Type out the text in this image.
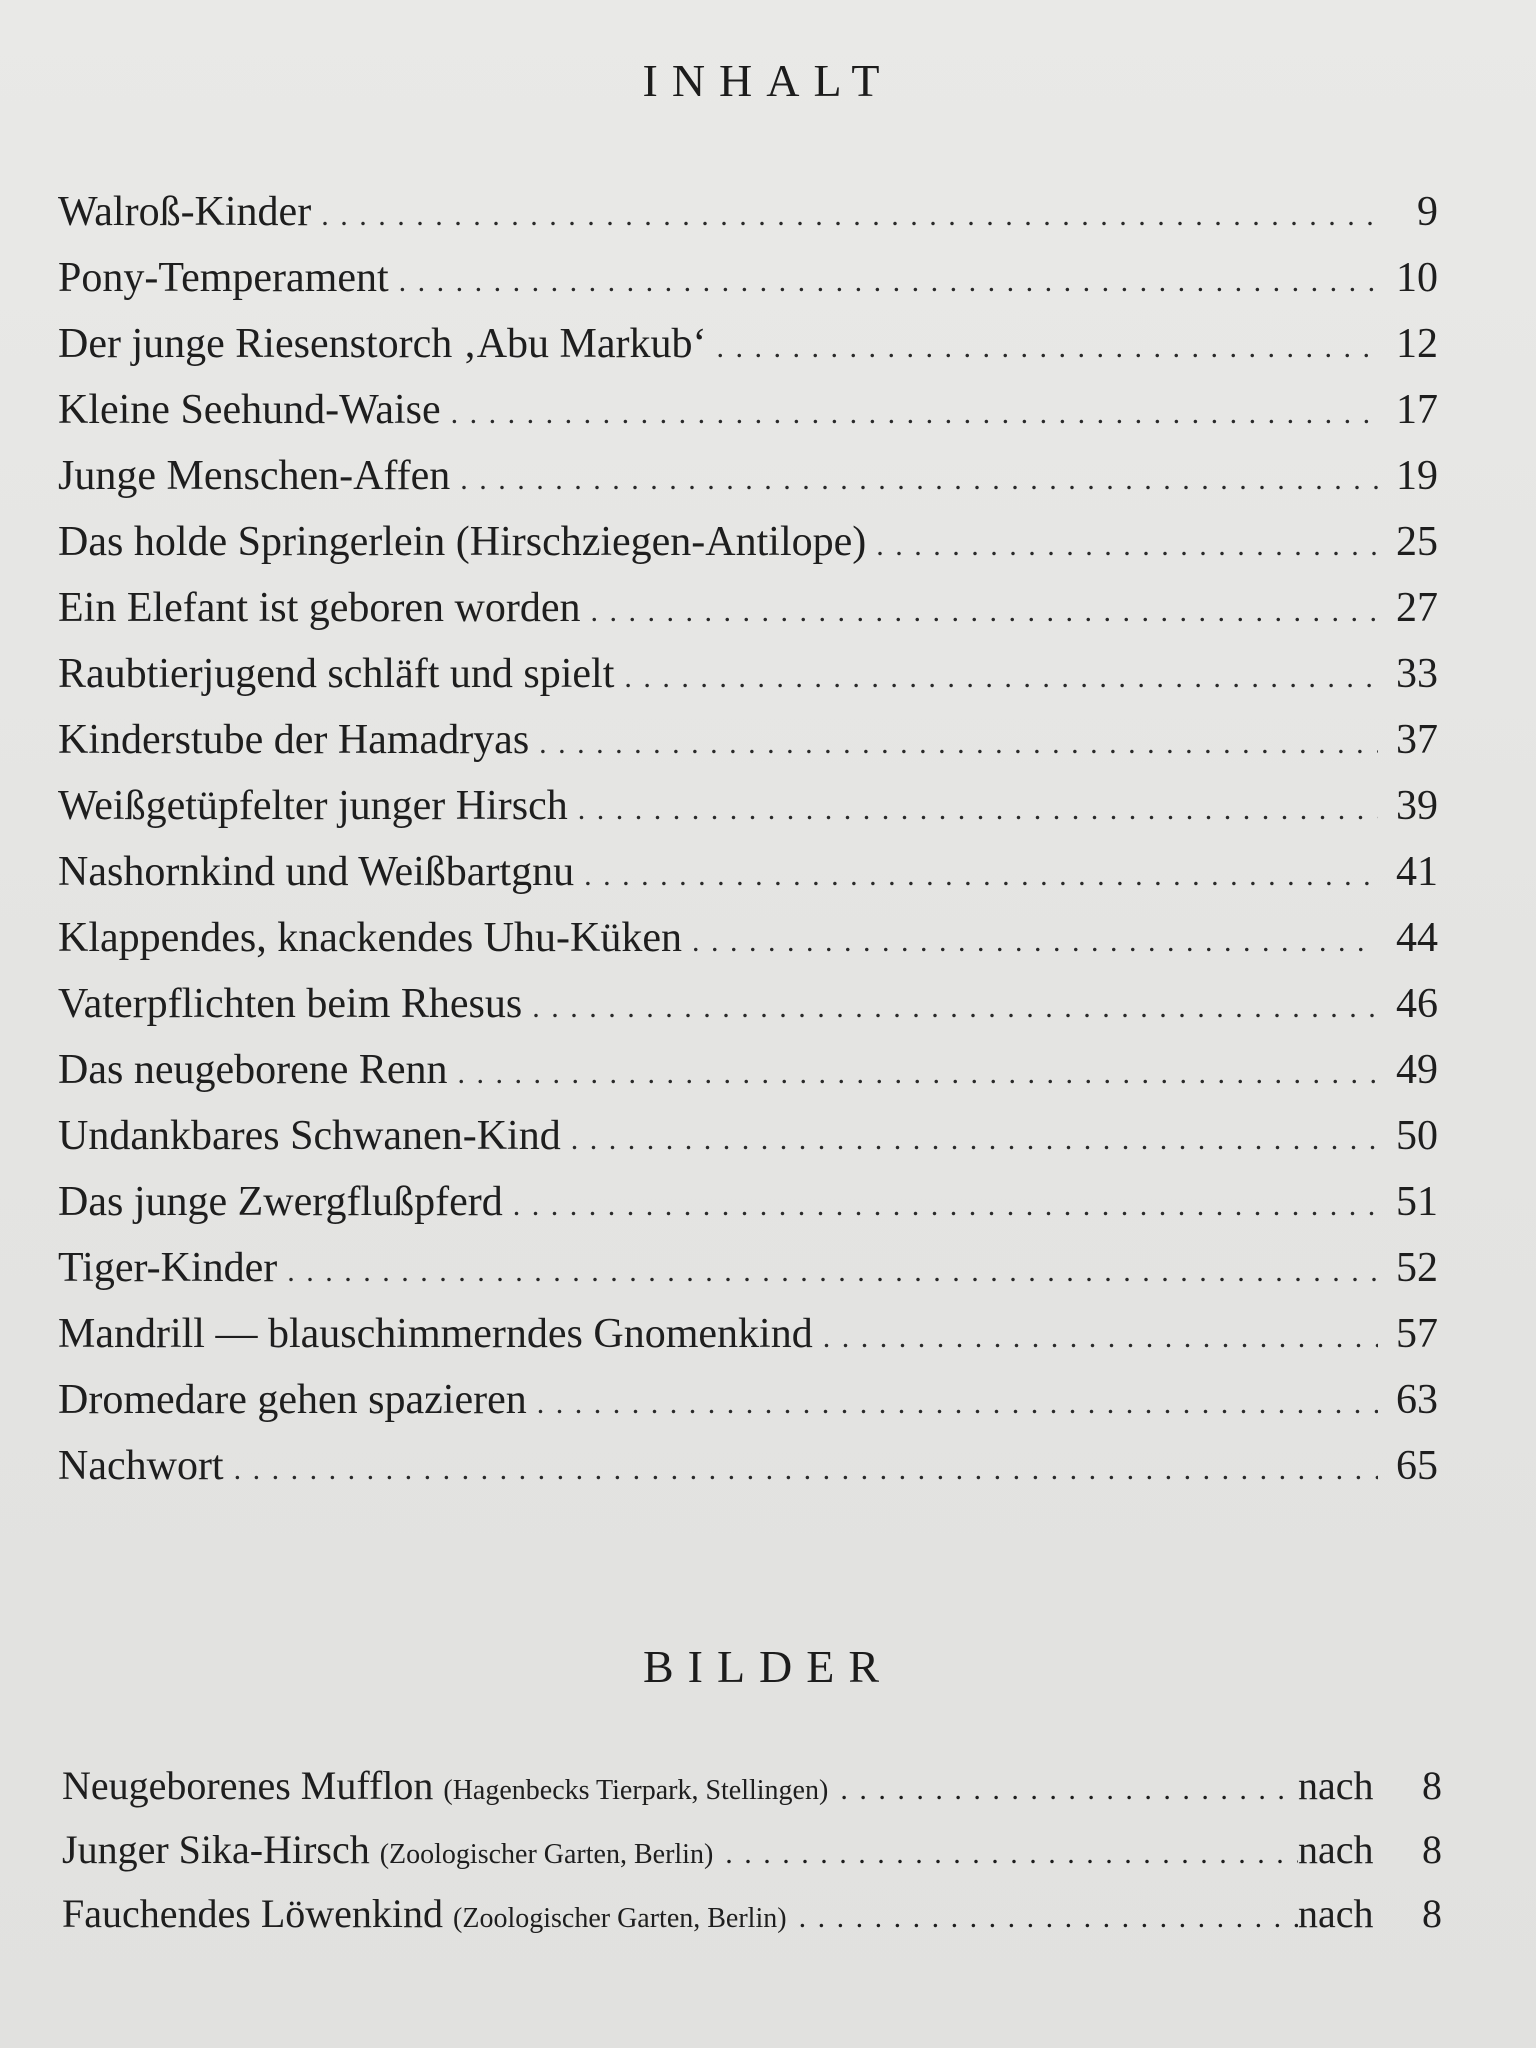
INHALT
Walroß-Kinder . . .	9
Pony-Temperament . . .	10
Der junge Riesenstorch ‚Abu Markub‘ . . .	12
Kleine Seehund-Waise . . .	17
Junge Menschen-Affen . . .	19
Das holde Springerlein (Hirschziegen-Antilope) . . .	25
Ein Elefant ist geboren worden . . .	27
Raubtierjugend schläft und spielt . . .	33
Kinderstube der Hamadryas . . .	37
Weißgetüpfelter junger Hirsch . . .	39
Nashornkind und Weißbartgnu . . .	41
Klappendes, knackendes Uhu-Küken . . .	44
Vaterpflichten beim Rhesus . . .	46
Das neugeborene Renn . . .	49
Undankbares Schwanen-Kind . . .	50
Das junge Zwergflußpferd . . .	51
Tiger-Kinder . . .	52
Mandrill — blauschimmerndes Gnomenkind . . .	57
Dromedare gehen spazieren . . .	63
Nachwort . . .	65
BILDER
Neugeborenes Mufflon (Hagenbecks Tierpark, Stellingen) . . .	nach	8
Junger Sika-Hirsch (Zoologischer Garten, Berlin) . . .	nach	8
Fauchendes Löwenkind (Zoologischer Garten, Berlin) . . .	nach	8
